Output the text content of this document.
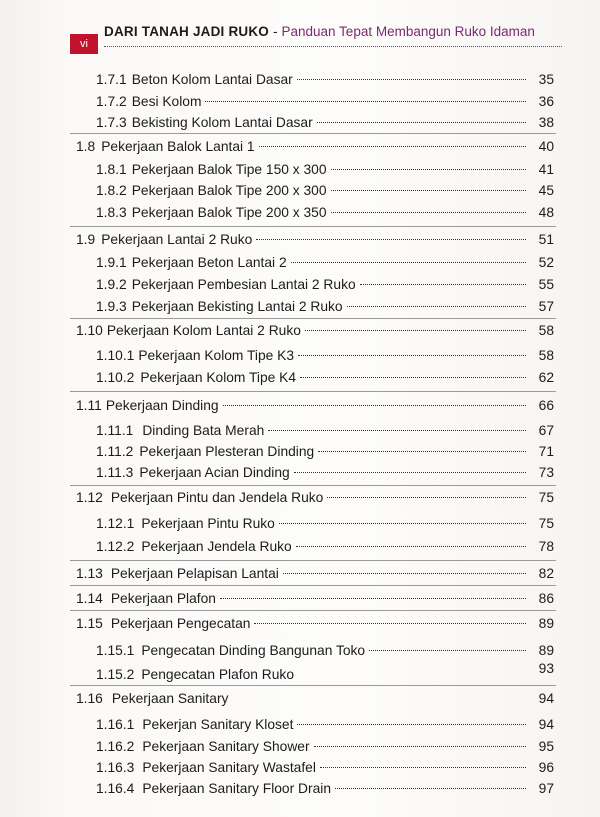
vi
DARI TANAH JADI RUKO - Panduan Tepat Membangun Ruko Idaman
1.7.1 Beton Kolom Lantai Dasar	35
1.7.2 Besi Kolom	36
1.7.3 Bekisting Kolom Lantai Dasar	38
1.8 Pekerjaan Balok Lantai 1	40
1.8.1 Pekerjaan Balok Tipe 150 x 300	41
1.8.2 Pekerjaan Balok Tipe 200 x 300	45
1.8.3 Pekerjaan Balok Tipe 200 x 350	48
1.9 Pekerjaan Lantai 2 Ruko	51
1.9.1 Pekerjaan Beton Lantai 2	52
1.9.2 Pekerjaan Pembesian Lantai 2 Ruko	55
1.9.3 Pekerjaan Bekisting Lantai 2 Ruko	57
1.10 Pekerjaan Kolom Lantai 2 Ruko	58
1.10.1 Pekerjaan Kolom Tipe K3	58
1.10.2 Pekerjaan Kolom Tipe K4	62
1.11 Pekerjaan Dinding	66
1.11.1 Dinding Bata Merah	67
1.11.2 Pekerjaan Plesteran Dinding	71
1.11.3 Pekerjaan Acian Dinding	73
1.12 Pekerjaan Pintu dan Jendela Ruko	75
1.12.1 Pekerjaan Pintu Ruko	75
1.12.2 Pekerjaan Jendela Ruko	78
1.13 Pekerjaan Pelapisan Lantai	82
1.14 Pekerjaan Plafon	86
1.15 Pekerjaan Pengecatan	89
1.15.1 Pengecatan Dinding Bangunan Toko	89
1.15.2 Pengecatan Plafon Ruko	93
1.16 Pekerjaan Sanitary	94
1.16.1 Pekerjan Sanitary Kloset	94
1.16.2 Pekerjaan Sanitary Shower	95
1.16.3 Pekerjaan Sanitary Wastafel	96
1.16.4 Pekerjaan Sanitary Floor Drain	97
